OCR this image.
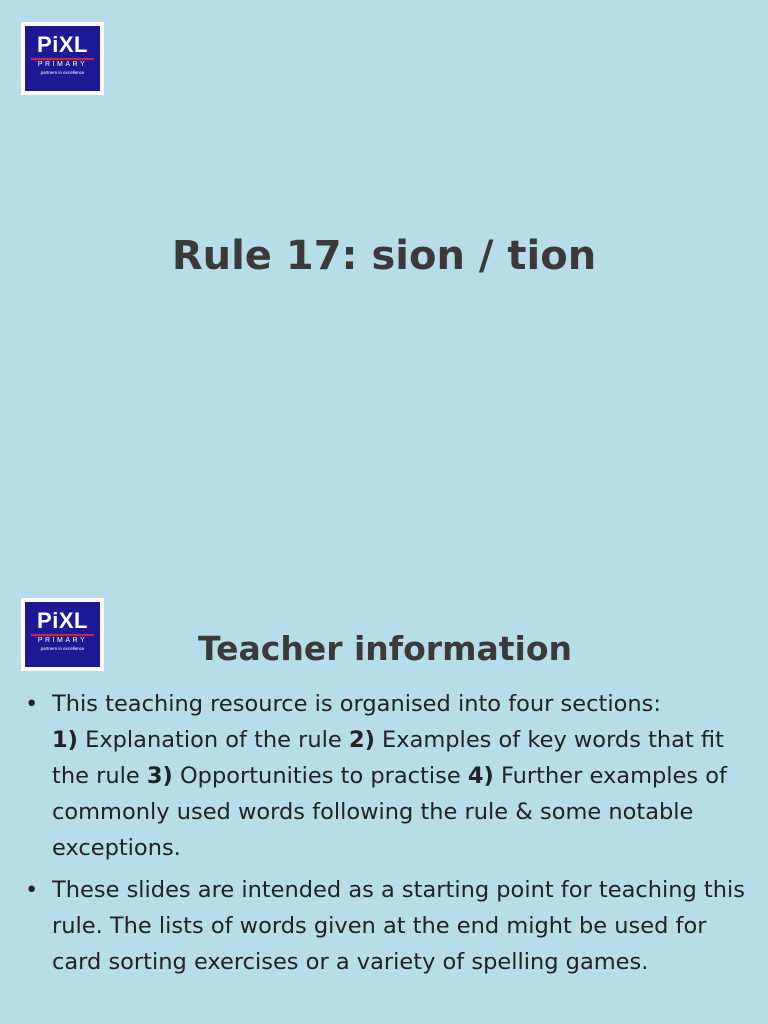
PiXL
PRIMARY
partners in excellence
Rule 17: sion / tion
PiXL
PRIMARY
partners in excellence	Teacher information
• This teaching resource is organised into four sections:
1) Explanation of the rule 2) Examples of key words that fit the rule 3) Opportunities to practise 4) Further examples of commonly used words following the rule & some notable exceptions.
• These slides are intended as a starting point for teaching this rule. The lists of words given at the end might be used for card sorting exercises or a variety of spelling games.
